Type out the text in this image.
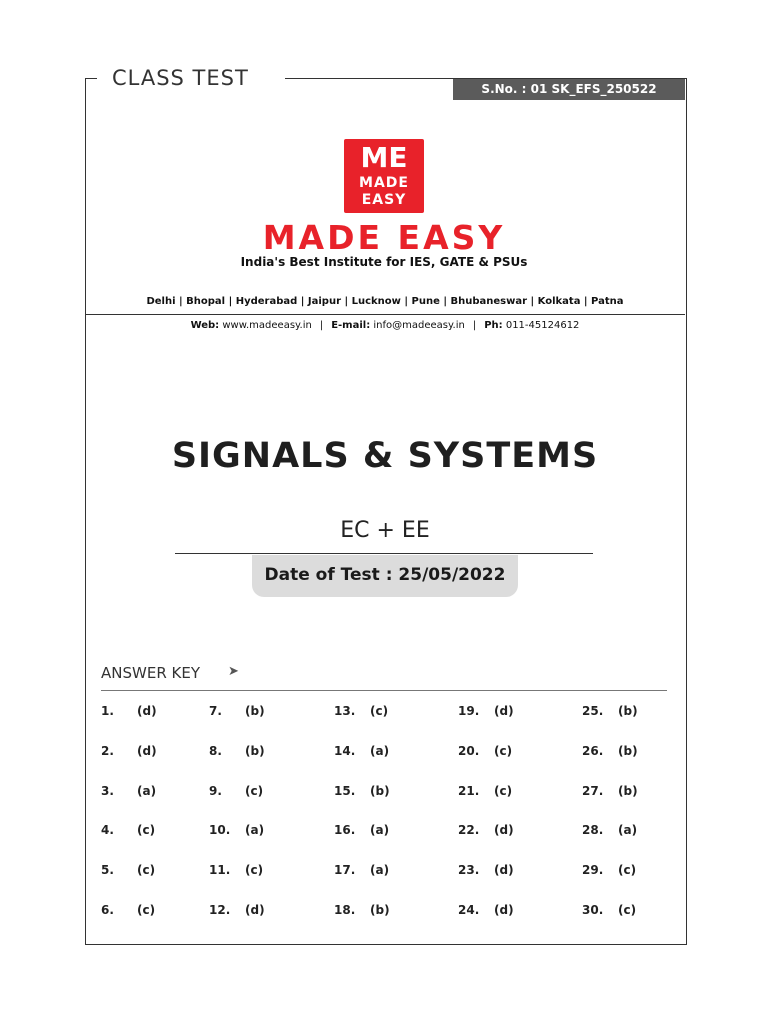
CLASS TEST	S.No. : 01 SK_EFS_250522
ME
MADE
EASY
MADE EASY
India's Best Institute for IES, GATE & PSUs
Delhi | Bhopal | Hyderabad | Jaipur | Lucknow | Pune | Bhubaneswar | Kolkata | Patna
Web: www.madeeasy.in | E-mail: info@madeeasy.in | Ph: 011-45124612
SIGNALS & SYSTEMS
EC + EE
Date of Test : 25/05/2022
ANSWER KEY ➤
1. (d)
2. (d)
3. (a)
4. (c)
5. (c)
6. (c)
7. (b)
8. (b)
9. (c)
10. (a)
11. (c)
12. (d)
13. (c)
14. (a)
15. (b)
16. (a)
17. (a)
18. (b)
19. (d)
20. (c)
21. (c)
22. (d)
23. (d)
24. (d)
25. (b)
26. (b)
27. (b)
28. (a)
29. (c)
30. (c)
